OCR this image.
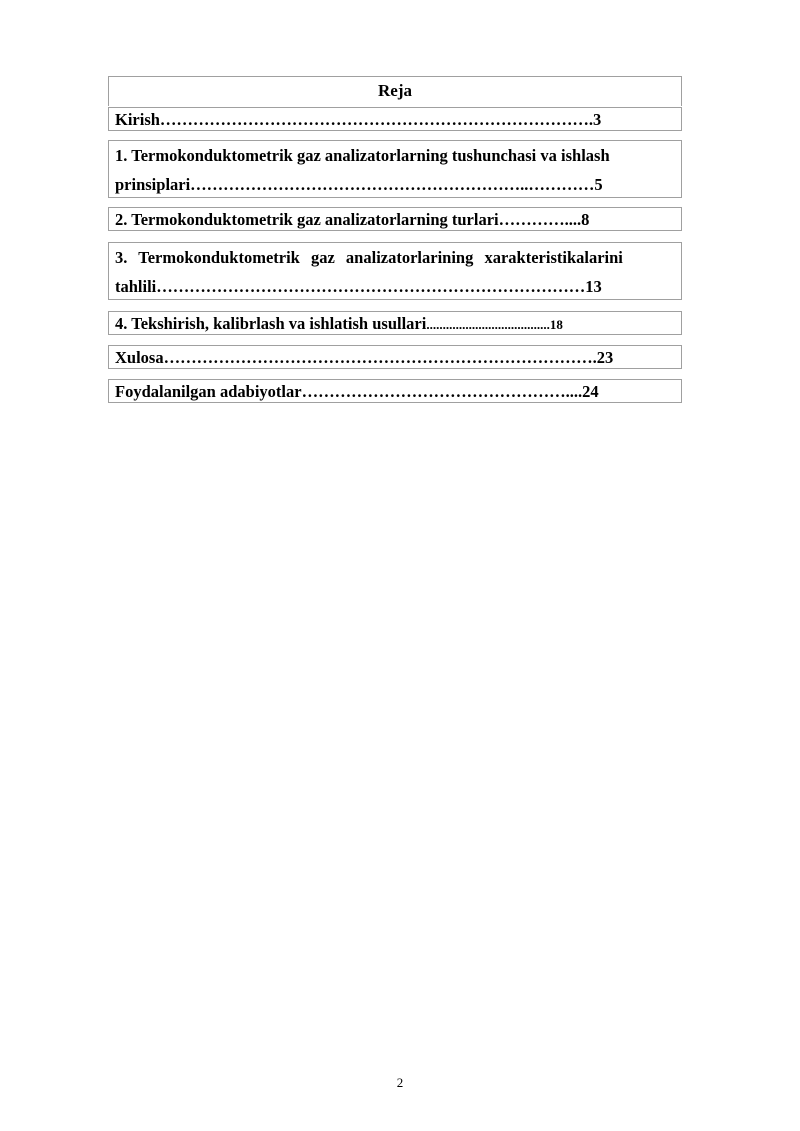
Reja
Kirish…………………………………………………………………….3
1. Termokonduktometrik gaz analizatorlarning tushunchasi va ishlash
prinsiplari……………………………………………………..…………5
2. Termokonduktometrik gaz analizatorlarning turlari…………....8
3. Termokonduktometrik gaz analizatorlarining xarakteristikalarini
tahlili……………………………………………………………………13
4. Tekshirish, kalibrlash va ishlatish usullari......................................18
Xulosa…………………………………………………………………….23
Foydalanilgan adabiyotlar…………………………………………....24
2
